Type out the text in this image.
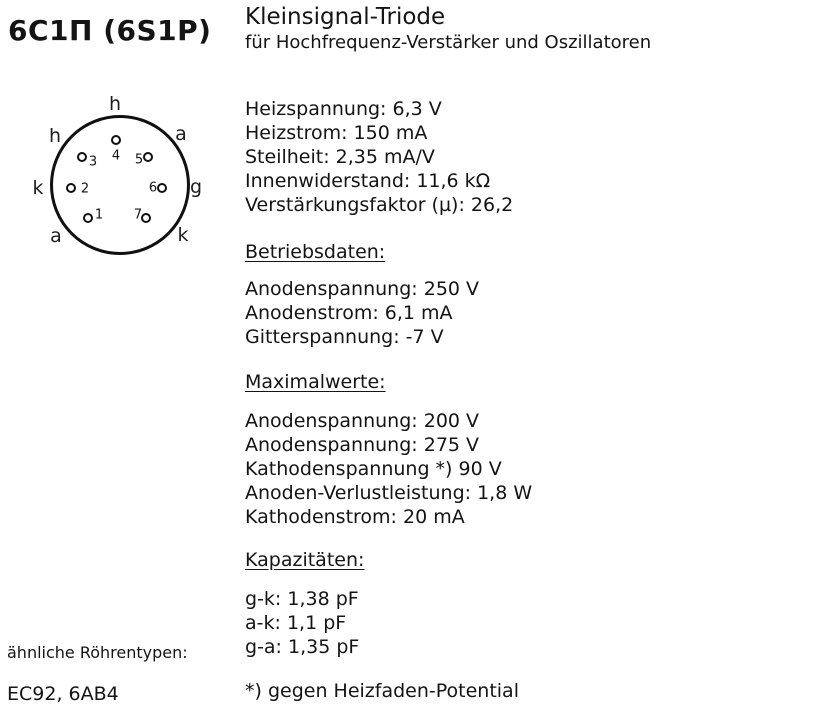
6С1П (6S1P) Kleinsignal-Triode
für Hochfrequenz-Verstärker und Oszillatoren
1
2
3 4 5
6
7
h
h	a
k	g
a	k
Heizspannung: 6,3 V
Heizstrom: 150 mA
Steilheit: 2,35 mA/V
Innenwiderstand: 11,6 kΩ
Verstärkungsfaktor (µ): 26,2
Betriebsdaten:
Anodenspannung: 250 V
Anodenstrom: 6,1 mA
Gitterspannung: -7 V
Maximalwerte:
Anodenspannung: 200 V
Anodenspannung: 275 V
Kathodenspannung *) 90 V
Anoden-Verlustleistung: 1,8 W
Kathodenstrom: 20 mA
Kapazitäten:
g-k: 1,38 pF
a-k: 1,1 pF
g-a: 1,35 pF
*) gegen Heizfaden-Potential
ähnliche Röhrentypen:
EC92, 6AB4
